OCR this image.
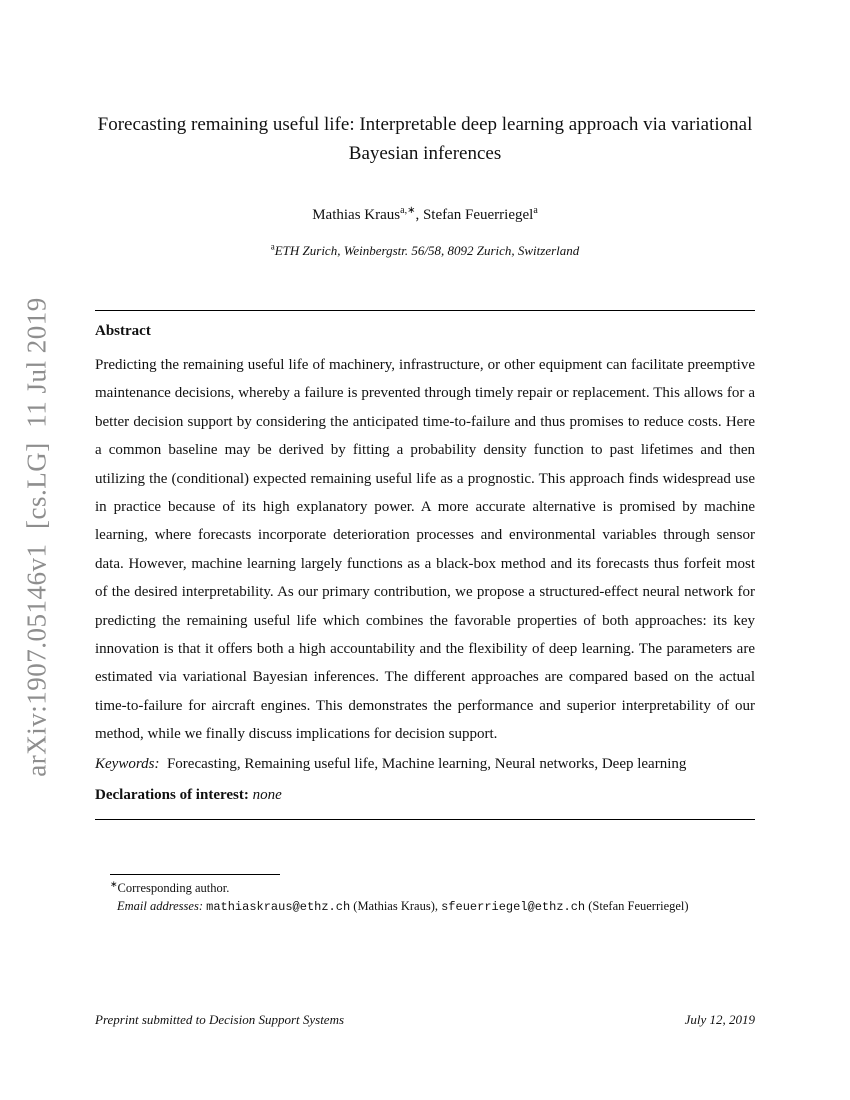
arXiv:1907.05146v1  [cs.LG]  11 Jul 2019
Forecasting remaining useful life: Interpretable deep learning approach via variational Bayesian inferences
Mathias Kraus$^{a,∗}$, Stefan Feuerriegel$^a$
$^a$ETH Zurich, Weinbergstr. 56/58, 8092 Zurich, Switzerland
Abstract
Predicting the remaining useful life of machinery, infrastructure, or other equipment can facilitate preemptive maintenance decisions, whereby a failure is prevented through timely repair or replacement. This allows for a better decision support by considering the anticipated time-to-failure and thus promises to reduce costs. Here a common baseline may be derived by fitting a probability density function to past lifetimes and then utilizing the (conditional) expected remaining useful life as a prognostic. This approach finds widespread use in practice because of its high explanatory power. A more accurate alternative is promised by machine learning, where forecasts incorporate deterioration processes and environmental variables through sensor data. However, machine learning largely functions as a black-box method and its forecasts thus forfeit most of the desired interpretability. As our primary contribution, we propose a structured-effect neural network for predicting the remaining useful life which combines the favorable properties of both approaches: its key innovation is that it offers both a high accountability and the flexibility of deep learning. The parameters are estimated via variational Bayesian inferences. The different approaches are compared based on the actual time-to-failure for aircraft engines. This demonstrates the performance and superior interpretability of our method, while we finally discuss implications for decision support.
Keywords: Forecasting, Remaining useful life, Machine learning, Neural networks, Deep learning
Declarations of interest: none
∗Corresponding author.
Email addresses: mathiaskraus@ethz.ch (Mathias Kraus), sfeuerriegel@ethz.ch (Stefan Feuerriegel)
Preprint submitted to Decision Support Systems	July 12, 2019
